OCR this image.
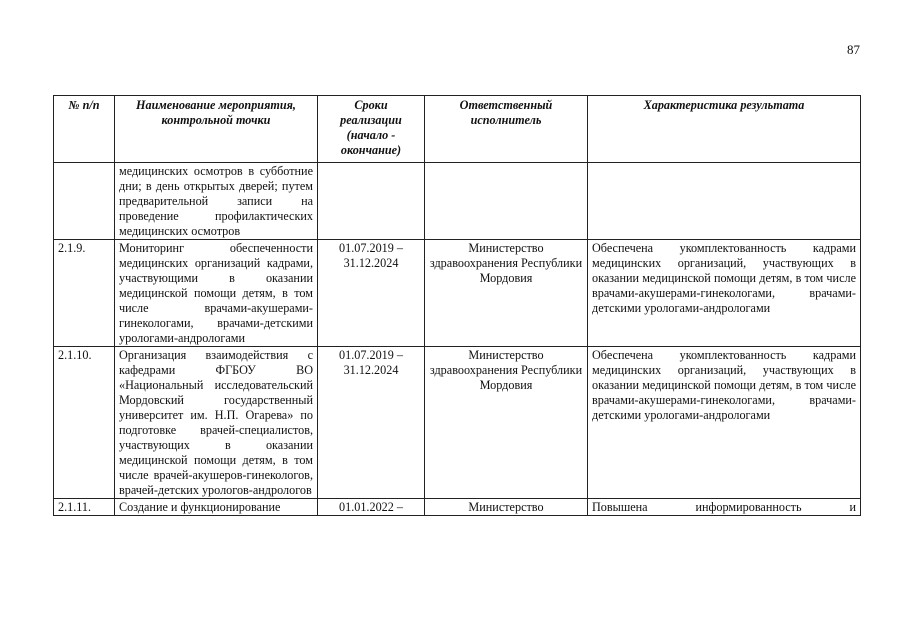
87
№ п/п	Наименование мероприятия, контрольной точки	Сроки реализации (начало - окончание)	Ответственный исполнитель	Характеристика результата
	медицинских осмотров в субботние дни; в день открытых дверей; путем предварительной записи на проведение профилактических медицинских осмотров			
2.1.9.	Мониторинг обеспеченности медицинских организаций кадрами, участвующими в оказании медицинской помощи детям, в том числе врачами-акушерами-гинекологами, врачами-детскими урологами-андрологами	01.07.2019 – 31.12.2024	Министерство здравоохранения Республики Мордовия	Обеспечена укомплектованность кадрами медицинских организаций, участвующих в оказании медицинской помощи детям, в том числе врачами-акушерами-гинекологами, врачами-детскими урологами-андрологами
2.1.10.	Организация взаимодействия с кафедрами ФГБОУ ВО «Национальный исследовательский Мордовский государственный университет им. Н.П. Огарева» по подготовке врачей-специалистов, участвующих в оказании медицинской помощи детям, в том числе врачей-акушеров-гинекологов, врачей-детских урологов-андрологов	01.07.2019 – 31.12.2024	Министерство здравоохранения Республики Мордовия	Обеспечена укомплектованность кадрами медицинских организаций, участвующих в оказании медицинской помощи детям, в том числе врачами-акушерами-гинекологами, врачами-детскими урологами-андрологами

2.1.11.	Создание и функционирование	01.01.2022 –	Министерство	Повышена информированность и
